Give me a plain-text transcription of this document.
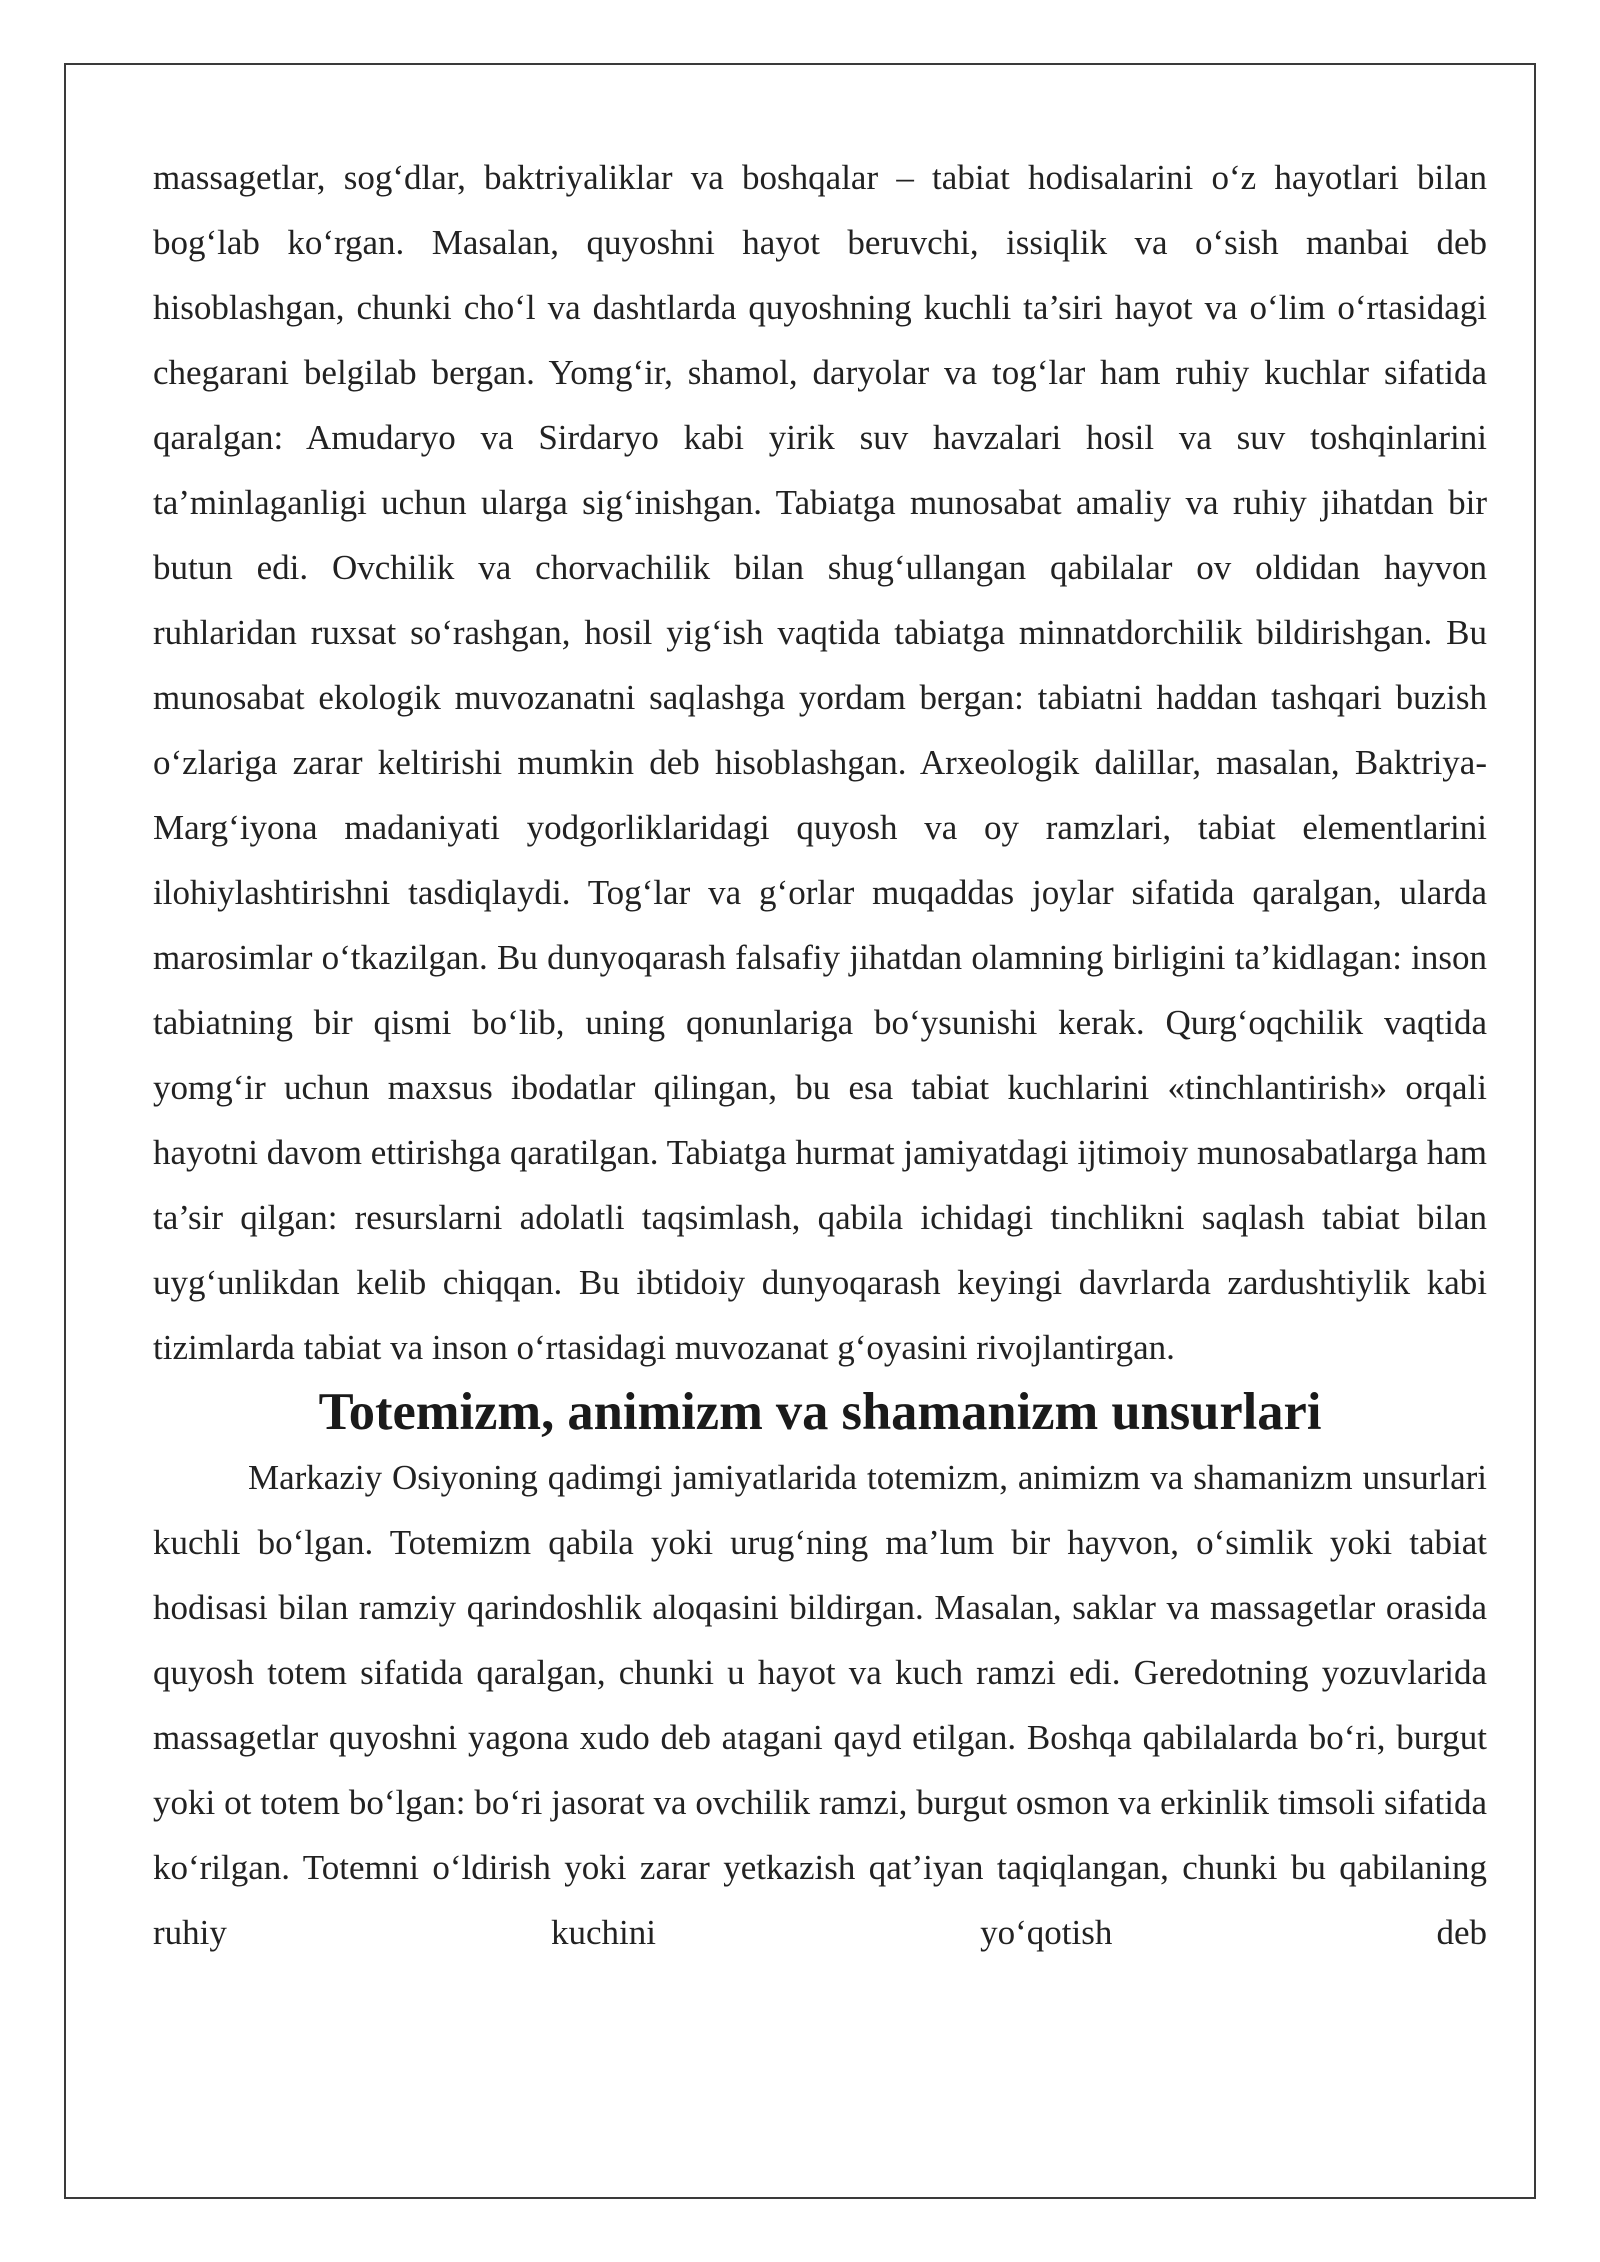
massagetlar, sog‘dlar, baktriyaliklar va boshqalar – tabiat hodisalarini o‘z hayotlari bilan bog‘lab ko‘rgan. Masalan, quyoshni hayot beruvchi, issiqlik va o‘sish manbai deb hisoblashgan, chunki cho‘l va dashtlarda quyoshning kuchli ta’siri hayot va o‘lim o‘rtasidagi chegarani belgilab bergan. Yomg‘ir, shamol, daryolar va tog‘lar ham ruhiy kuchlar sifatida qaralgan: Amudaryo va Sirdaryo kabi yirik suv havzalari hosil va suv toshqinlarini ta’minlaganligi uchun ularga sig‘inishgan. Tabiatga munosabat amaliy va ruhiy jihatdan bir butun edi. Ovchilik va chorvachilik bilan shug‘ullangan qabilalar ov oldidan hayvon ruhlaridan ruxsat so‘rashgan, hosil yig‘ish vaqtida tabiatga minnatdorchilik bildirishgan. Bu munosabat ekologik muvozanatni saqlashga yordam bergan: tabiatni haddan tashqari buzish o‘zlariga zarar keltirishi mumkin deb hisoblashgan. Arxeologik dalillar, masalan, Baktriya-Marg‘iyona madaniyati yodgorliklaridagi quyosh va oy ramzlari, tabiat elementlarini ilohiylashtirishni tasdiqlaydi. Tog‘lar va g‘orlar muqaddas joylar sifatida qaralgan, ularda marosimlar o‘tkazilgan. Bu dunyoqarash falsafiy jihatdan olamning birligini ta’kidlagan: inson tabiatning bir qismi bo‘lib, uning qonunlariga bo‘ysunishi kerak. Qurg‘oqchilik vaqtida yomg‘ir uchun maxsus ibodatlar qilingan, bu esa tabiat kuchlarini «tinchlantirish» orqali hayotni davom ettirishga qaratilgan. Tabiatga hurmat jamiyatdagi ijtimoiy munosabatlarga ham ta’sir qilgan: resurslarni adolatli taqsimlash, qabila ichidagi tinchlikni saqlash tabiat bilan uyg‘unlikdan kelib chiqqan. Bu ibtidoiy dunyoqarash keyingi davrlarda zardushtiylik kabi tizimlarda tabiat va inson o‘rtasidagi muvozanat g‘oyasini rivojlantirgan.

Totemizm, animizm va shamanizm unsurlari

Markaziy Osiyoning qadimgi jamiyatlarida totemizm, animizm va shamanizm unsurlari kuchli bo‘lgan. Totemizm qabila yoki urug‘ning ma’lum bir hayvon, o‘simlik yoki tabiat hodisasi bilan ramziy qarindoshlik aloqasini bildirgan. Masalan, saklar va massagetlar orasida quyosh totem sifatida qaralgan, chunki u hayot va kuch ramzi edi. Geredotning yozuvlarida massagetlar quyoshni yagona xudo deb atagani qayd etilgan. Boshqa qabilalarda bo‘ri, burgut yoki ot totem bo‘lgan: bo‘ri jasorat va ovchilik ramzi, burgut osmon va erkinlik timsoli sifatida ko‘rilgan. Totemni o‘ldirish yoki zarar yetkazish qat’iyan taqiqlangan, chunki bu qabilaning ruhiy kuchini yo‘qotish deb
